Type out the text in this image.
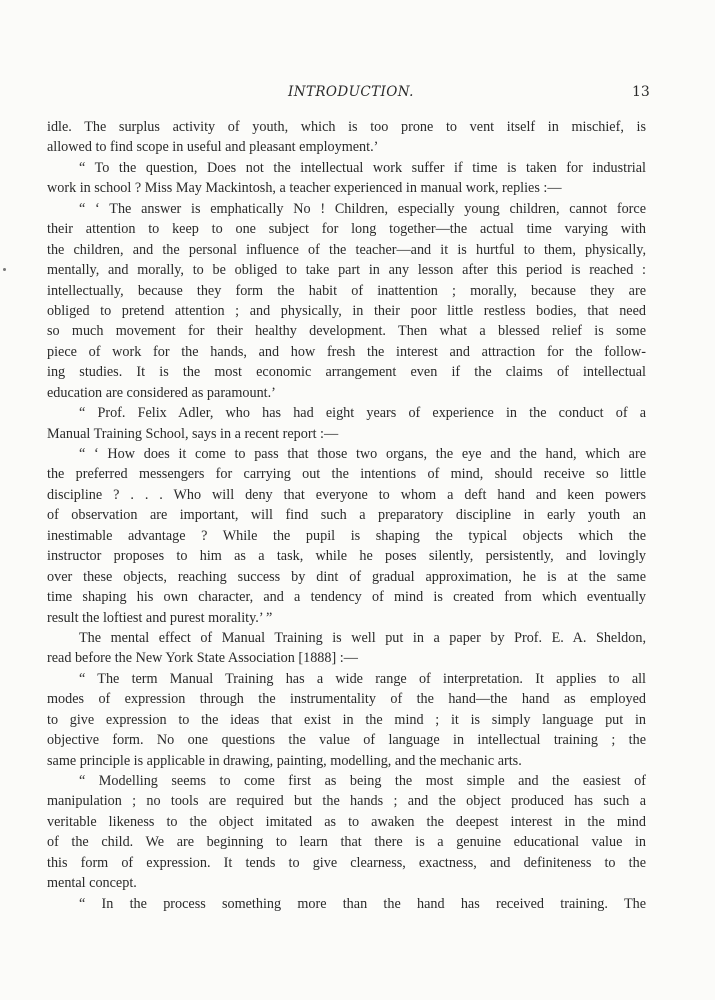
INTRODUCTION.	13
idle. The surplus activity of youth, which is too prone to vent itself in mischief, is
allowed to find scope in useful and pleasant employment.’
“ To the question, Does not the intellectual work suffer if time is taken for industrial
work in school ? Miss May Mackintosh, a teacher experienced in manual work, replies :—
“ ‘ The answer is emphatically No ! Children, especially young children, cannot force
their attention to keep to one subject for long together—the actual time varying with
the children, and the personal influence of the teacher—and it is hurtful to them, physically,
mentally, and morally, to be obliged to take part in any lesson after this period is reached :
intellectually, because they form the habit of inattention ; morally, because they are
obliged to pretend attention ; and physically, in their poor little restless bodies, that need
so much movement for their healthy development. Then what a blessed relief is some
piece of work for the hands, and how fresh the interest and attraction for the follow-
ing studies. It is the most economic arrangement even if the claims of intellectual
education are considered as paramount.’
“ Prof. Felix Adler, who has had eight years of experience in the conduct of a
Manual Training School, says in a recent report :—
“ ‘ How does it come to pass that those two organs, the eye and the hand, which are
the preferred messengers for carrying out the intentions of mind, should receive so little
discipline ? . . . Who will deny that everyone to whom a deft hand and keen powers
of observation are important, will find such a preparatory discipline in early youth an
inestimable advantage ? While the pupil is shaping the typical objects which the
instructor proposes to him as a task, while he poses silently, persistently, and lovingly
over these objects, reaching success by dint of gradual approximation, he is at the same
time shaping his own character, and a tendency of mind is created from which eventually
result the loftiest and purest morality.’ ”
The mental effect of Manual Training is well put in a paper by Prof. E. A. Sheldon,
read before the New York State Association [1888] :—
“ The term Manual Training has a wide range of interpretation. It applies to all
modes of expression through the instrumentality of the hand—the hand as employed
to give expression to the ideas that exist in the mind ; it is simply language put in
objective form. No one questions the value of language in intellectual training ; the
same principle is applicable in drawing, painting, modelling, and the mechanic arts.
“ Modelling seems to come first as being the most simple and the easiest of
manipulation ; no tools are required but the hands ; and the object produced has such a
veritable likeness to the object imitated as to awaken the deepest interest in the mind
of the child. We are beginning to learn that there is a genuine educational value in
this form of expression. It tends to give clearness, exactness, and definiteness to the
mental concept.
“ In the process something more than the hand has received training. The
